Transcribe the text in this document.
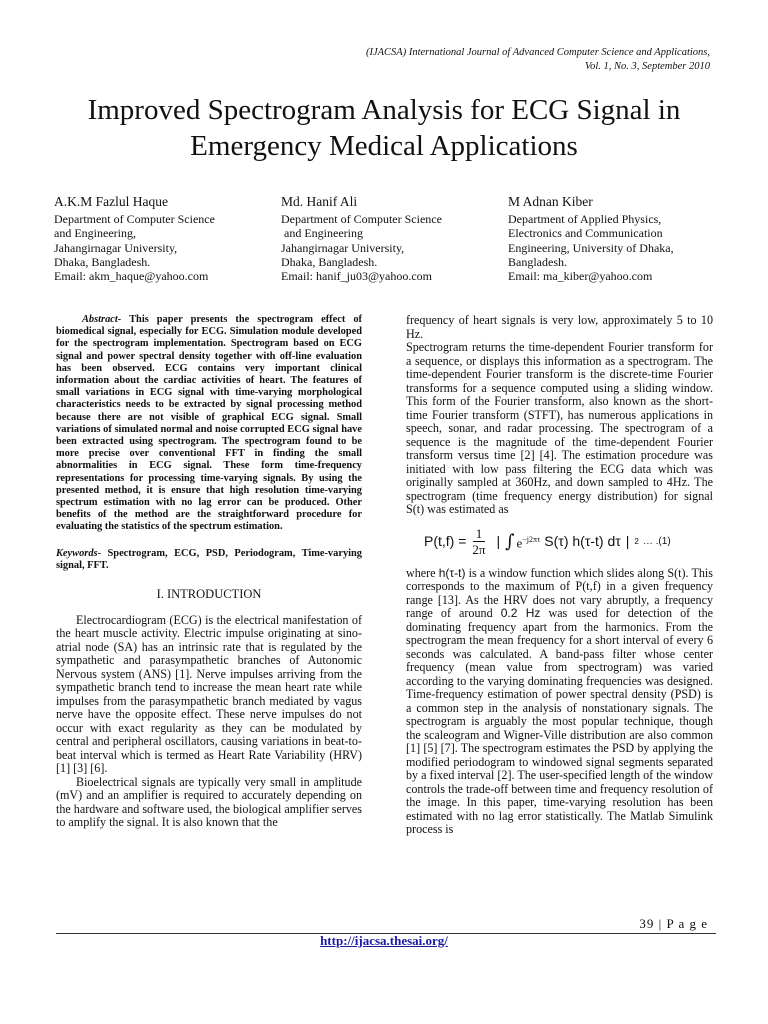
(IJACSA) International Journal of Advanced Computer Science and Applications,
Vol. 1, No. 3, September 2010
Improved Spectrogram Analysis for ECG Signal in
Emergency Medical Applications
A.K.M Fazlul Haque
Department of Computer Science
and Engineering,
Jahangirnagar University,
Dhaka, Bangladesh.
Email: akm_haque@yahoo.com
Md. Hanif Ali
Department of Computer Science
and Engineering
Jahangirnagar University,
Dhaka, Bangladesh.
Email: hanif_ju03@yahoo.com
M Adnan Kiber
Department of Applied Physics,
Electronics and Communication
Engineering, University of Dhaka,
Bangladesh.
Email: ma_kiber@yahoo.com

Abstract- This paper presents the spectrogram effect of biomedical signal, especially for ECG. Simulation module developed for the spectrogram implementation. Spectrogram based on ECG signal and power spectral density together with off-line evaluation has been observed. ECG contains very important clinical information about the cardiac activities of heart. The features of small variations in ECG signal with time-varying morphological characteristics needs to be extracted by signal processing method because there are not visible of graphical ECG signal. Small variations of simulated normal and noise corrupted ECG signal have been extracted using spectrogram. The spectrogram found to be more precise over conventional FFT in finding the small abnormalities in ECG signal. These form time-frequency representations for processing time-varying signals. By using the presented method, it is ensure that high resolution time-varying spectrum estimation with no lag error can be produced. Other benefits of the method are the straightforward procedure for evaluating the statistics of the spectrum estimation.

Keywords- Spectrogram, ECG, PSD, Periodogram, Time-varying signal, FFT.

I. INTRODUCTION

Electrocardiogram (ECG) is the electrical manifestation of the heart muscle activity. Electric impulse originating at sino-atrial node (SA) has an intrinsic rate that is regulated by the sympathetic and parasympathetic branches of Autonomic Nervous system (ANS) [1]. Nerve impulses arriving from the sympathetic branch tend to increase the mean heart rate while impulses from the parasympathetic branch mediated by vagus nerve have the opposite effect. These nerve impulses do not occur with exact regularity as they can be modulated by central and peripheral oscillators, causing variations in beat-to-beat interval which is termed as Heart Rate Variability (HRV) [1] [3] [6].

Bioelectrical signals are typically very small in amplitude (mV) and an amplifier is required to accurately depending on the hardware and software used, the biological amplifier serves to amplify the signal. It is also known that the

frequency of heart signals is very low, approximately 5 to 10 Hz.

Spectrogram returns the time-dependent Fourier transform for a sequence, or displays this information as a spectrogram. The time-dependent Fourier transform is the discrete-time Fourier transforms for a sequence computed using a sliding window. This form of the Fourier transform, also known as the short-time Fourier transform (STFT), has numerous applications in speech, sonar, and radar processing. The spectrogram of a sequence is the magnitude of the time-dependent Fourier transform versus time [2] [4]. The estimation procedure was initiated with low pass filtering the ECG data which was originally sampled at 360Hz, and down sampled to 4Hz. The spectrogram (time frequency energy distribution) for signal S(t) was estimated as

$P(t,f) = \frac{1}{2\pi}$ | ∫ $e^{-j2\pi\tau}$ S(τ) h(τ-t) dτ | 2 … .(1)

where h(τ-t) is a window function which slides along S(t). This corresponds to the maximum of P(t,f) in a given frequency range [13]. As the HRV does not vary abruptly, a frequency range of around 0.2 Hz was used for detection of the dominating frequency apart from the harmonics. From the spectrogram the mean frequency for a short interval of every 6 seconds was calculated. A band-pass filter whose center frequency (mean value from spectrogram) was varied according to the varying dominating frequencies was designed. Time-frequency estimation of power spectral density (PSD) is a common step in the analysis of nonstationary signals. The spectrogram is arguably the most popular technique, though the scaleogram and Wigner-Ville distribution are also common [1] [5] [7]. The spectrogram estimates the PSD by applying the modified periodogram to windowed signal segments separated by a fixed interval [2]. The user-specified length of the window controls the trade-off between time and frequency resolution of the image. In this paper, time-varying resolution has been estimated with no lag error statistically. The Matlab Simulink process is

39 | P a g e
http://ijacsa.thesai.org/
